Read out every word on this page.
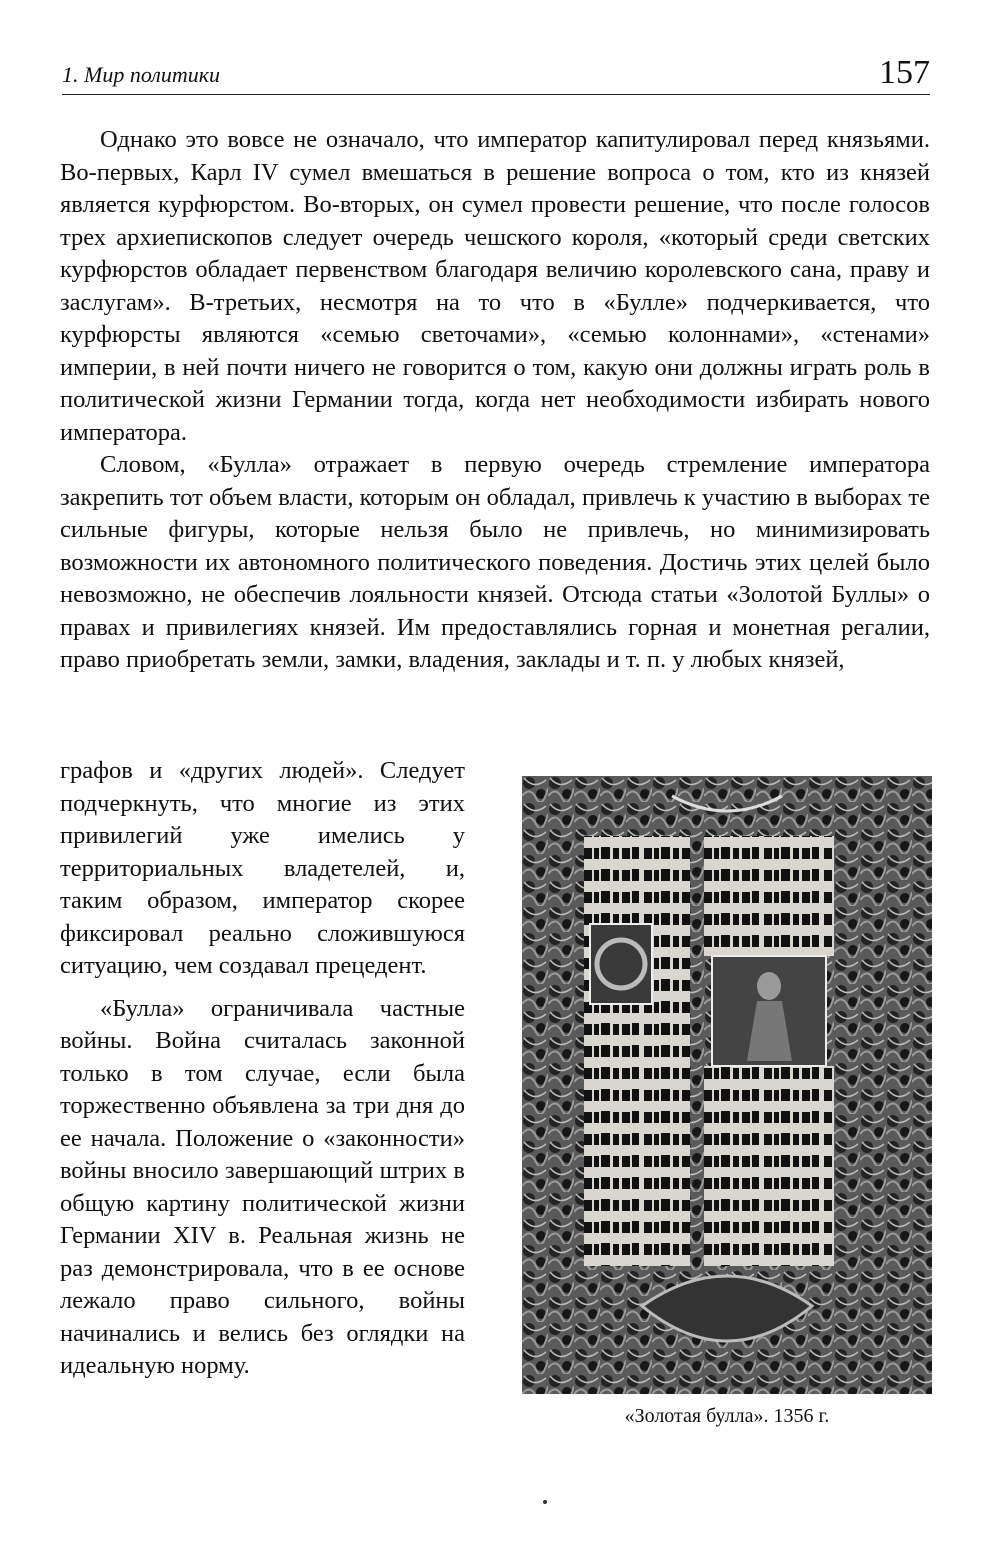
1. Мир политики	157

Однако это вовсе не означало, что император капитулировал перед князьями. Во-первых, Карл IV сумел вмешаться в решение вопроса о том, кто из князей является курфюрстом. Во-вторых, он сумел провести решение, что после голосов трех архиепископов следует очередь чешского короля, «который среди светских курфюрстов обладает первенством благодаря величию королевского сана, праву и заслугам». В-третьих, несмотря на то что в «Булле» подчеркивается, что курфюрсты являются «семью светочами», «семью колоннами», «стенами» империи, в ней почти ничего не говорится о том, какую они должны играть роль в политической жизни Германии тогда, когда нет необходимости избирать нового императора.

Словом, «Булла» отражает в первую очередь стремление императора закрепить тот объем власти, которым он обладал, привлечь к участию в выборах те сильные фигуры, которые нельзя было не привлечь, но минимизировать возможности их автономного политического поведения. Достичь этих целей было невозможно, не обеспечив лояльности князей. Отсюда статьи «Золотой Буллы» о правах и привилегиях князей. Им предоставлялись горная и монетная регалии, право приобретать земли, замки, владения, заклады и т. п. у любых князей,

графов и «других людей». Следует подчеркнуть, что многие из этих привилегий уже имелись у территориальных владетелей, и, таким образом, император скорее фиксировал реально сложившуюся ситуацию, чем создавал прецедент.

«Булла» ограничивала частные войны. Война считалась законной только в том случае, если была торжественно объявлена за три дня до ее начала. Положение о «законности» войны вносило завершающий штрих в общую картину политической жизни Германии XIV в. Реальная жизнь не раз демонстрировала, что в ее основе лежало право сильного, войны начинались и велись без оглядки на идеальную норму.

«Золотая булла». 1356 г.
